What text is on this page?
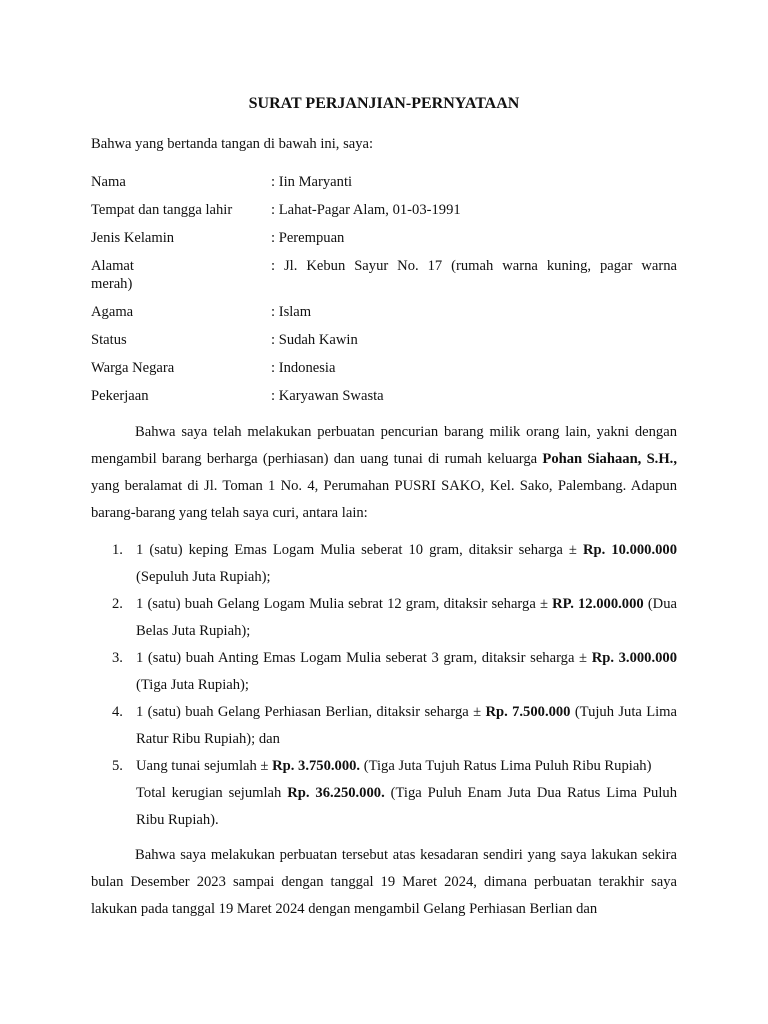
SURAT PERJANJIAN-PERNYATAAN
Bahwa yang bertanda tangan di bawah ini, saya:
Nama	: Iin Maryanti
Tempat dan tangga lahir	: Lahat-Pagar Alam, 01-03-1991
Jenis Kelamin	: Perempuan
Alamat	: Jl. Kebun Sayur No. 17 (rumah warna kuning, pagar warna
merah)
Agama	: Islam
Status	: Sudah Kawin
Warga Negara	: Indonesia
Pekerjaan	: Karyawan Swasta
Bahwa saya telah melakukan perbuatan pencurian barang milik orang lain, yakni dengan mengambil barang berharga (perhiasan) dan uang tunai di rumah keluarga Pohan Siahaan, S.H., yang beralamat di Jl. Toman 1 No. 4, Perumahan PUSRI SAKO, Kel. Sako, Palembang. Adapun barang-barang yang telah saya curi, antara lain:
1. 1 (satu) keping Emas Logam Mulia seberat 10 gram, ditaksir seharga ± Rp. 10.000.000 (Sepuluh Juta Rupiah);
2. 1 (satu) buah Gelang Logam Mulia sebrat 12 gram, ditaksir seharga ± RP. 12.000.000 (Dua Belas Juta Rupiah);
3. 1 (satu) buah Anting Emas Logam Mulia seberat 3 gram, ditaksir seharga ± Rp. 3.000.000 (Tiga Juta Rupiah);
4. 1 (satu) buah Gelang Perhiasan Berlian, ditaksir seharga ± Rp. 7.500.000 (Tujuh Juta Lima Ratur Ribu Rupiah); dan
5. Uang tunai sejumlah ± Rp. 3.750.000. (Tiga Juta Tujuh Ratus Lima Puluh Ribu Rupiah)
Total kerugian sejumlah Rp. 36.250.000. (Tiga Puluh Enam Juta Dua Ratus Lima Puluh Ribu Rupiah).
Bahwa saya melakukan perbuatan tersebut atas kesadaran sendiri yang saya lakukan sekira bulan Desember 2023 sampai dengan tanggal 19 Maret 2024, dimana perbuatan terakhir saya lakukan pada tanggal 19 Maret 2024 dengan mengambil Gelang Perhiasan Berlian dan
